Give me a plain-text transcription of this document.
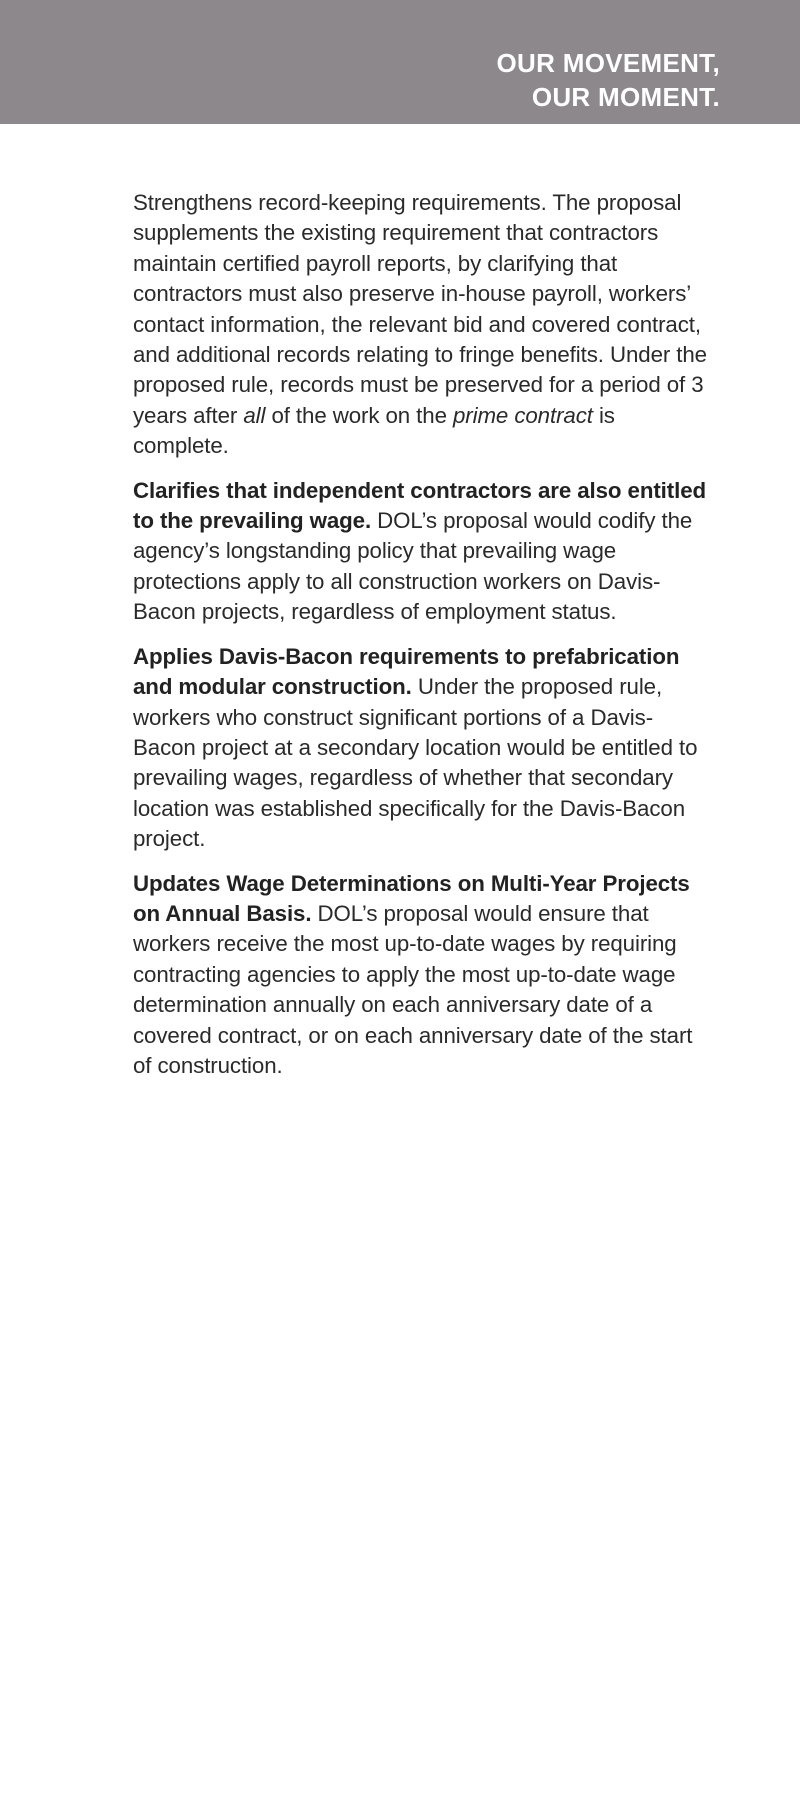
OUR MOVEMENT,
OUR MOMENT.

Strengthens record-keeping requirements. The proposal supplements the existing requirement that contractors maintain certified payroll reports, by clarifying that contractors must also preserve in-house payroll, workers’ contact information, the relevant bid and covered contract, and additional records relating to fringe benefits. Under the proposed rule, records must be preserved for a period of 3 years after all of the work on the prime contract is complete.

Clarifies that independent contractors are also entitled to the prevailing wage. DOL’s proposal would codify the agency’s longstanding policy that prevailing wage protections apply to all construction workers on Davis-Bacon projects, regardless of employment status.

Applies Davis-Bacon requirements to prefabrication and modular construction. Under the proposed rule, workers who construct significant portions of a Davis-Bacon project at a secondary location would be entitled to prevailing wages, regardless of whether that secondary location was established specifically for the Davis-Bacon project.

Updates Wage Determinations on Multi-Year Projects on Annual Basis. DOL’s proposal would ensure that workers receive the most up-to-date wages by requiring contracting agencies to apply the most up-to-date wage determination annually on each anniversary date of a covered contract, or on each anniversary date of the start of construction.
